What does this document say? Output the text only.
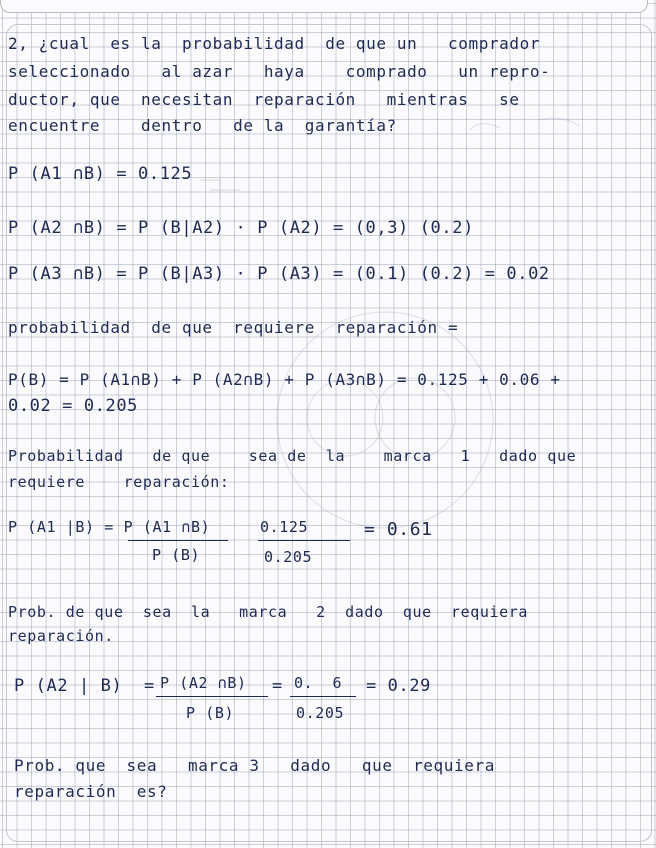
2, ¿cual  es la  probabilidad  de que un   comprador
seleccionado   al azar   haya    comprado   un repro-
ductor, que  necesitan  reparación   mientras   se
encuentre    dentro   de la  garantía?
P (A1 ∩B) = 0.125
P (A2 ∩B) = P (B|A2) · P (A2) = (0,3) (0.2)
P (A3 ∩B) = P (B|A3) · P (A3) = (0.1) (0.2) = 0.02
probabilidad  de que  requiere  reparación =
P(B) = P (A1∩B) + P (A2∩B) + P (A3∩B) = 0.125 + 0.06 +
0.02 = 0.205
Probabilidad   de que    sea de  la    marca   1   dado que
requiere    reparación:
P (A1 |B) = P (A1 ∩B)
P (B)
0.125
0.205
= 0.61
Prob. de que  sea  la   marca   2  dado  que  requiera
reparación.
P (A2 | B)  = P (A2 ∩B)
P (B)
= 0.  6
0.205
= 0.29
Prob. que  sea   marca 3   dado   que  requiera
reparación  es?
